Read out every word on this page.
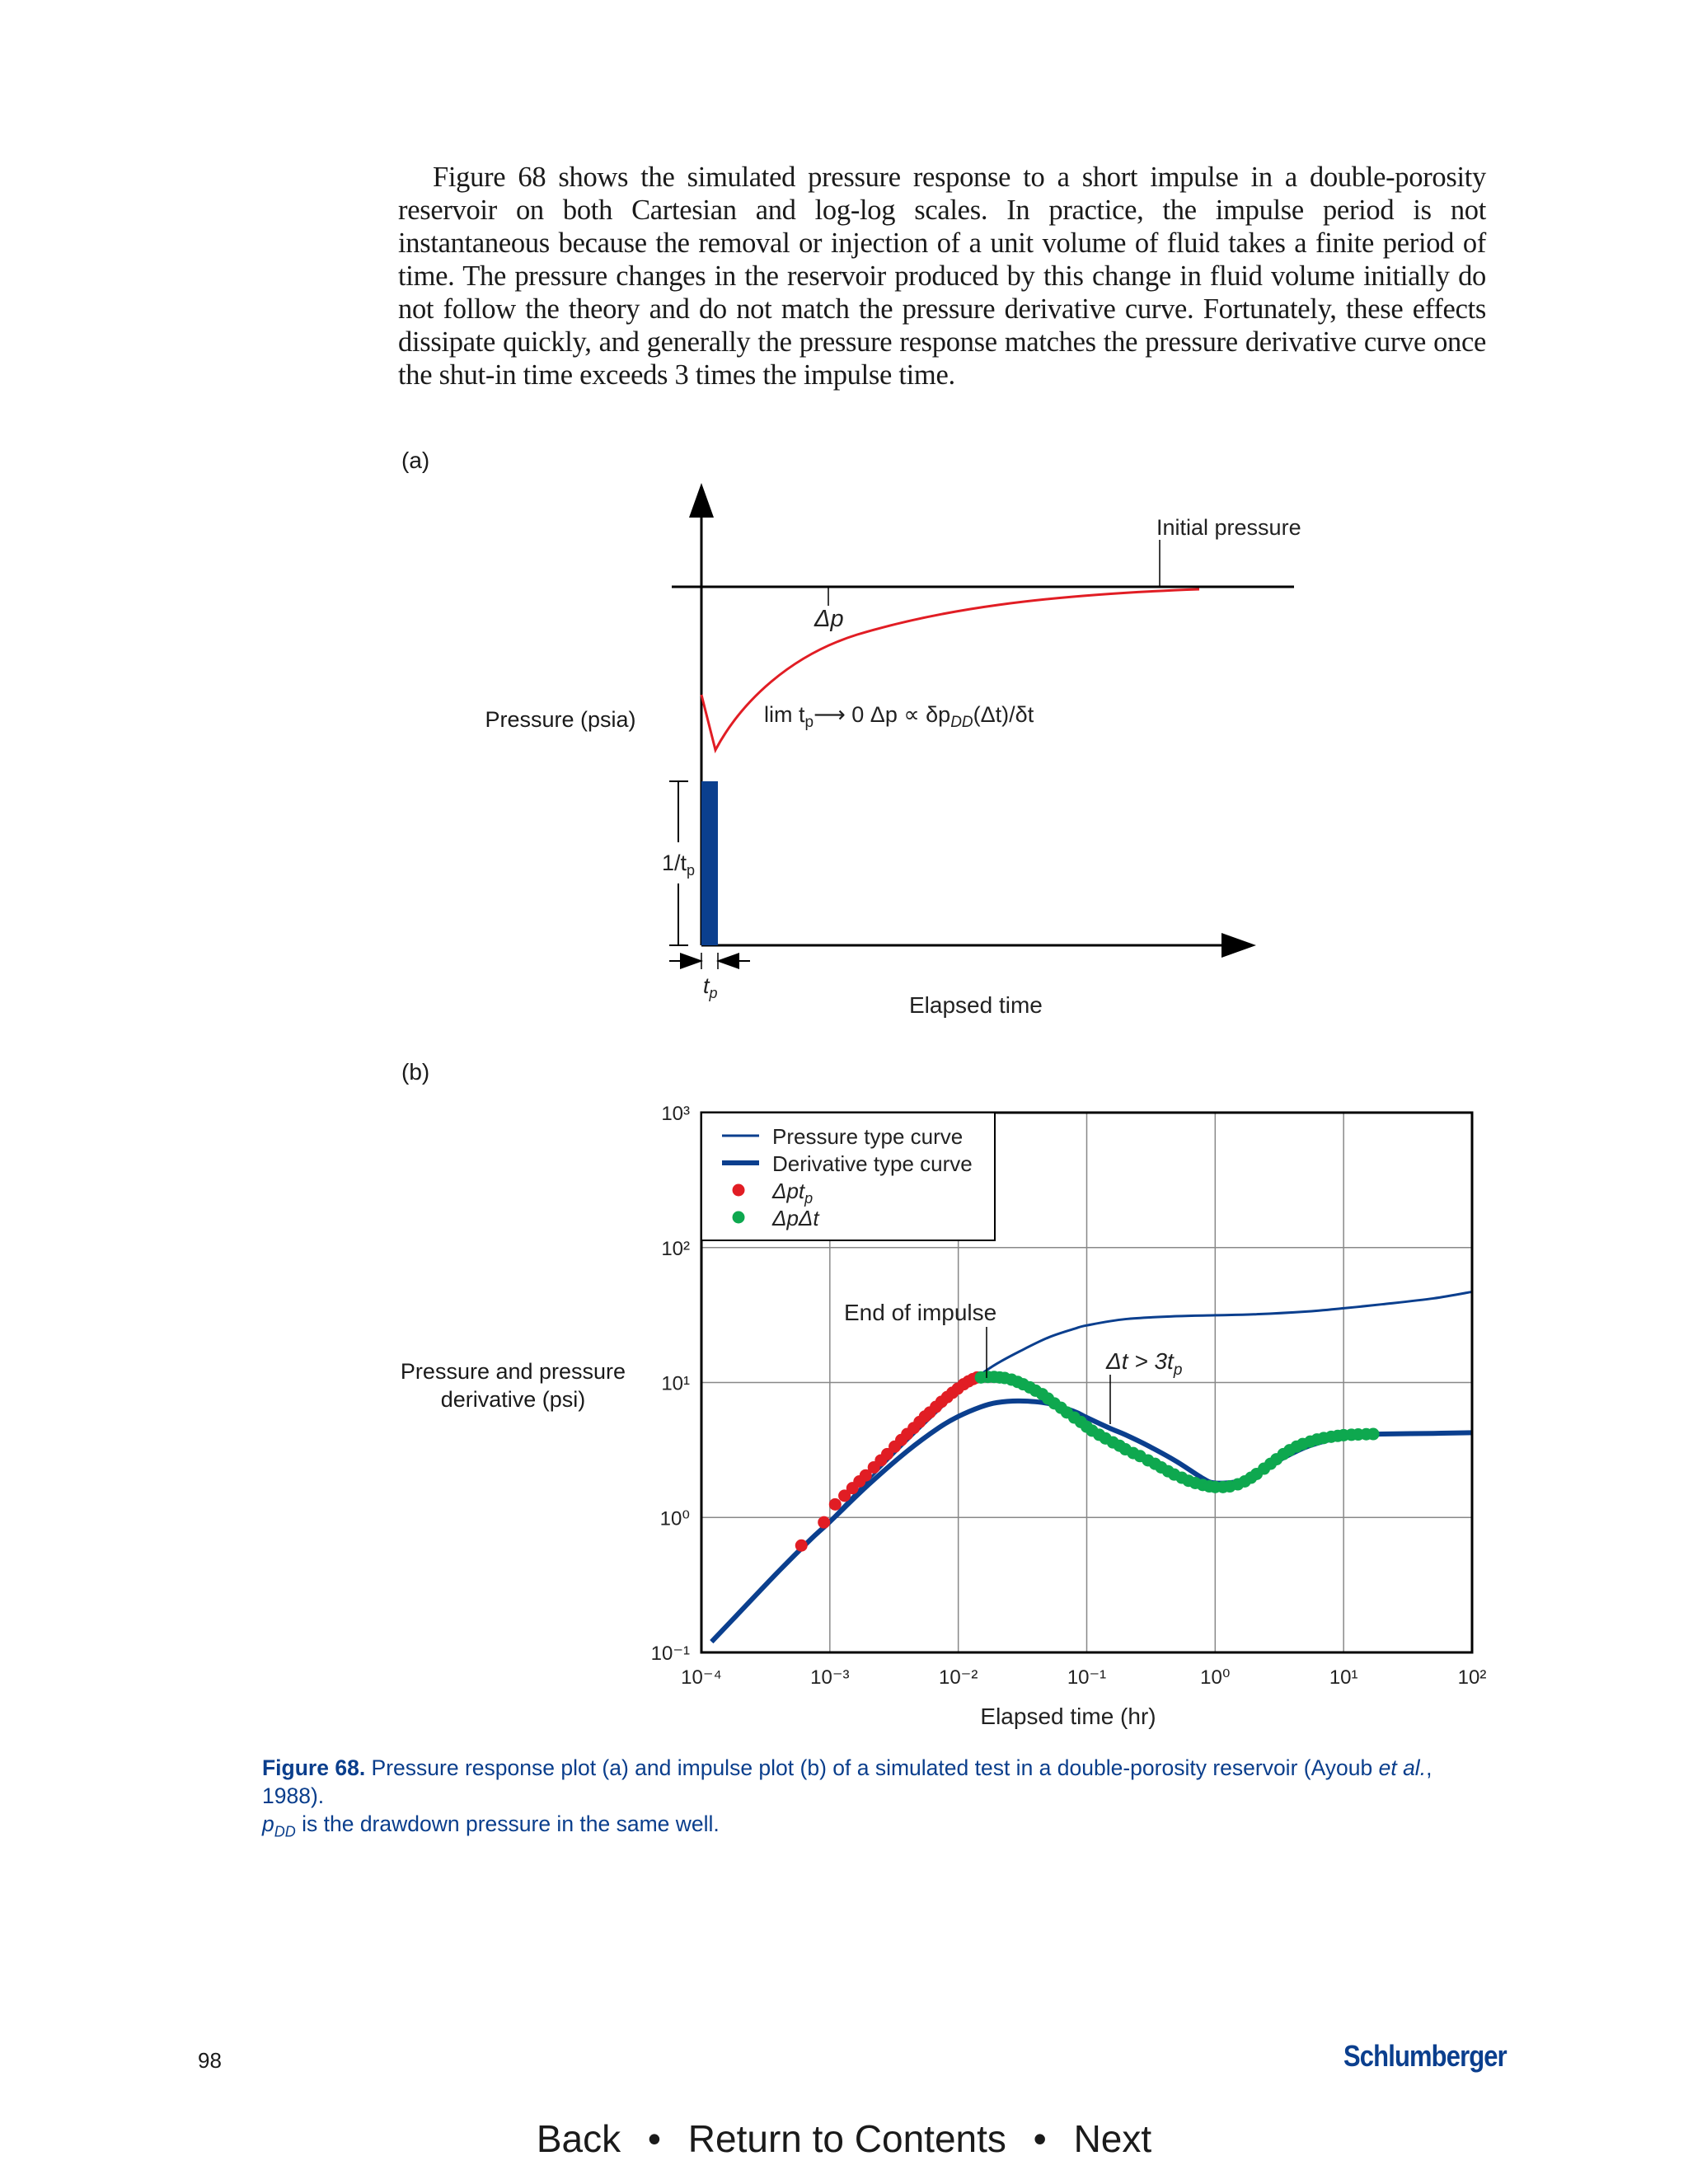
Figure 68 shows the simulated pressure response to a short impulse in a double-porosity reservoir on both Cartesian and log-log scales. In practice, the impulse period is not instantaneous because the removal or injection of a unit volume of fluid takes a finite period of time. The pressure changes in the reservoir produced by this change in fluid volume initially do not follow the theory and do not match the pressure derivative curve. Fortunately, these effects dissipate quickly, and generally the pressure response matches the pressure derivative curve once the shut-in time exceeds 3 times the impulse time.
(a)
Pressure (psia)
Initial pressure
Δp
$\lim t_p⟶$ 0 $\Delta p \propto \delta p_{DD}(\Delta t)/\delta t$
$1/t_p$
$t_p$	Elapsed time
(b)
Pressure and pressure
derivative (psi)
10⁻⁴	10⁻³	10⁻²	10⁻¹	10⁰	10¹	10²
10⁻¹
10⁰
10¹
10²
10³
Pressure type curve
Derivative type curve
Δpt$_p$
ΔpΔt
End of impulse
$\Delta t > 3t_p$
Elapsed time (hr)
Figure 68. Pressure response plot (a) and impulse plot (b) of a simulated test in a double-porosity reservoir (Ayoub et al., 1988).
$p_{DD}$ is the drawdown pressure in the same well.
98	Schlumberger
Back • Return to Contents • Next
